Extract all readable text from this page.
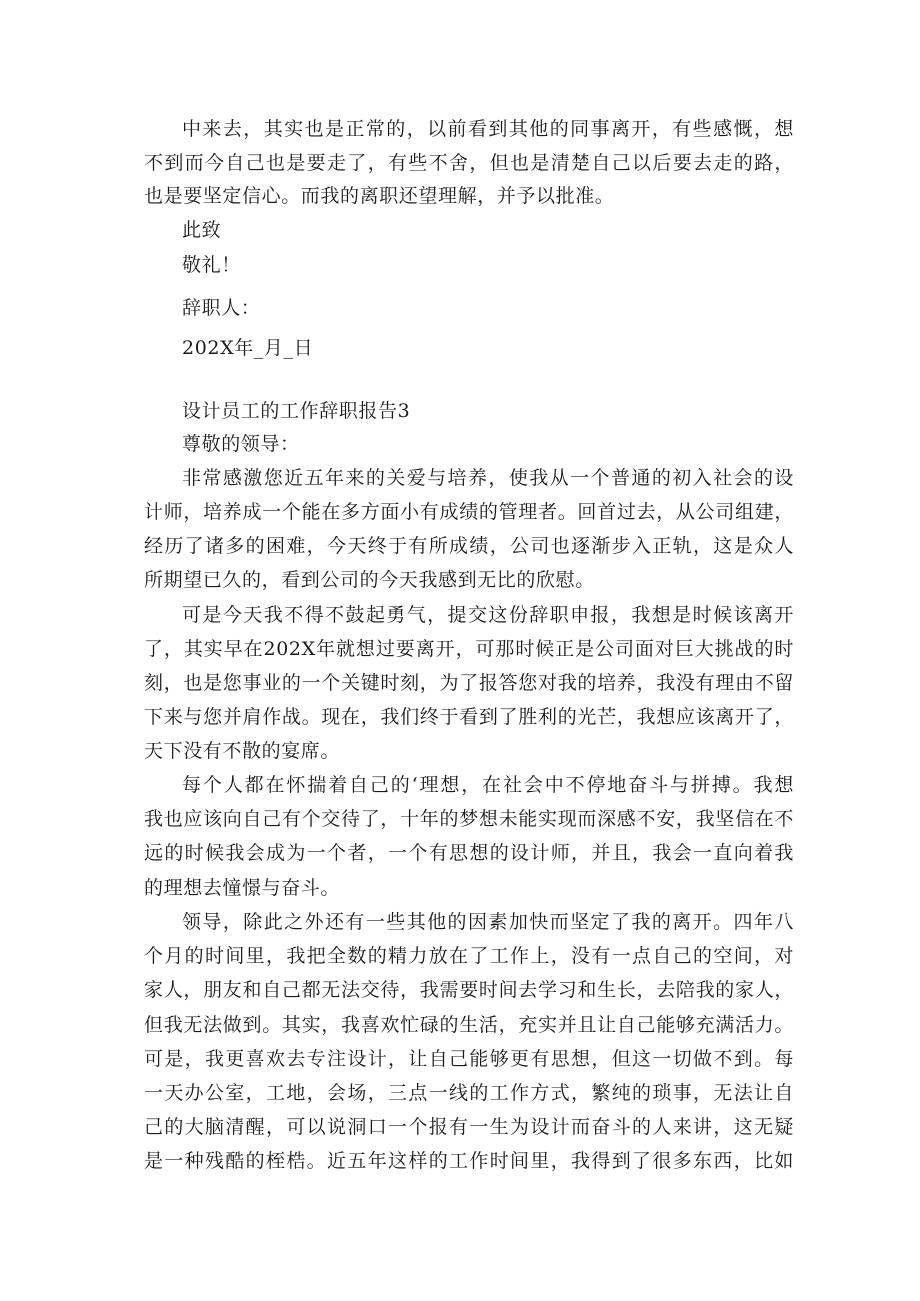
中来去，其实也是正常的，以前看到其他的同事离开，有些感慨，想
不到而今自己也是要走了，有些不舍，但也是清楚自己以后要去走的路，
也是要坚定信心。而我的离职还望理解，并予以批准。
此致
敬礼！
辞职人：
202X年_月_日
设计员工的工作辞职报告3
尊敬的领导：
非常感激您近五年来的关爱与培养，使我从一个普通的初入社会的设
计师，培养成一个能在多方面小有成绩的管理者。回首过去，从公司组建，
经历了诸多的困难，今天终于有所成绩，公司也逐渐步入正轨，这是众人
所期望已久的，看到公司的今天我感到无比的欣慰。
可是今天我不得不鼓起勇气，提交这份辞职申报，我想是时候该离开
了，其实早在202X年就想过要离开，可那时候正是公司面对巨大挑战的时
刻，也是您事业的一个关键时刻，为了报答您对我的培养，我没有理由不留
下来与您并肩作战。现在，我们终于看到了胜利的光芒，我想应该离开了，
天下没有不散的宴席。
每个人都在怀揣着自己的‘理想，在社会中不停地奋斗与拼搏。我想
我也应该向自己有个交待了，十年的梦想未能实现而深感不安，我坚信在不
远的时候我会成为一个者，一个有思想的设计师，并且，我会一直向着我
的理想去憧憬与奋斗。
领导，除此之外还有一些其他的因素加快而坚定了我的离开。四年八
个月的时间里，我把全数的精力放在了工作上，没有一点自己的空间，对
家人，朋友和自己都无法交待，我需要时间去学习和生长，去陪我的家人，
但我无法做到。其实，我喜欢忙碌的生活，充实并且让自己能够充满活力。
可是，我更喜欢去专注设计，让自己能够更有思想，但这一切做不到。每
一天办公室，工地，会场，三点一线的工作方式，繁纯的琐事，无法让自
己的大脑清醒，可以说洞口一个报有一生为设计而奋斗的人来讲，这无疑
是一种残酷的桎梏。近五年这样的工作时间里，我得到了很多东西，比如
